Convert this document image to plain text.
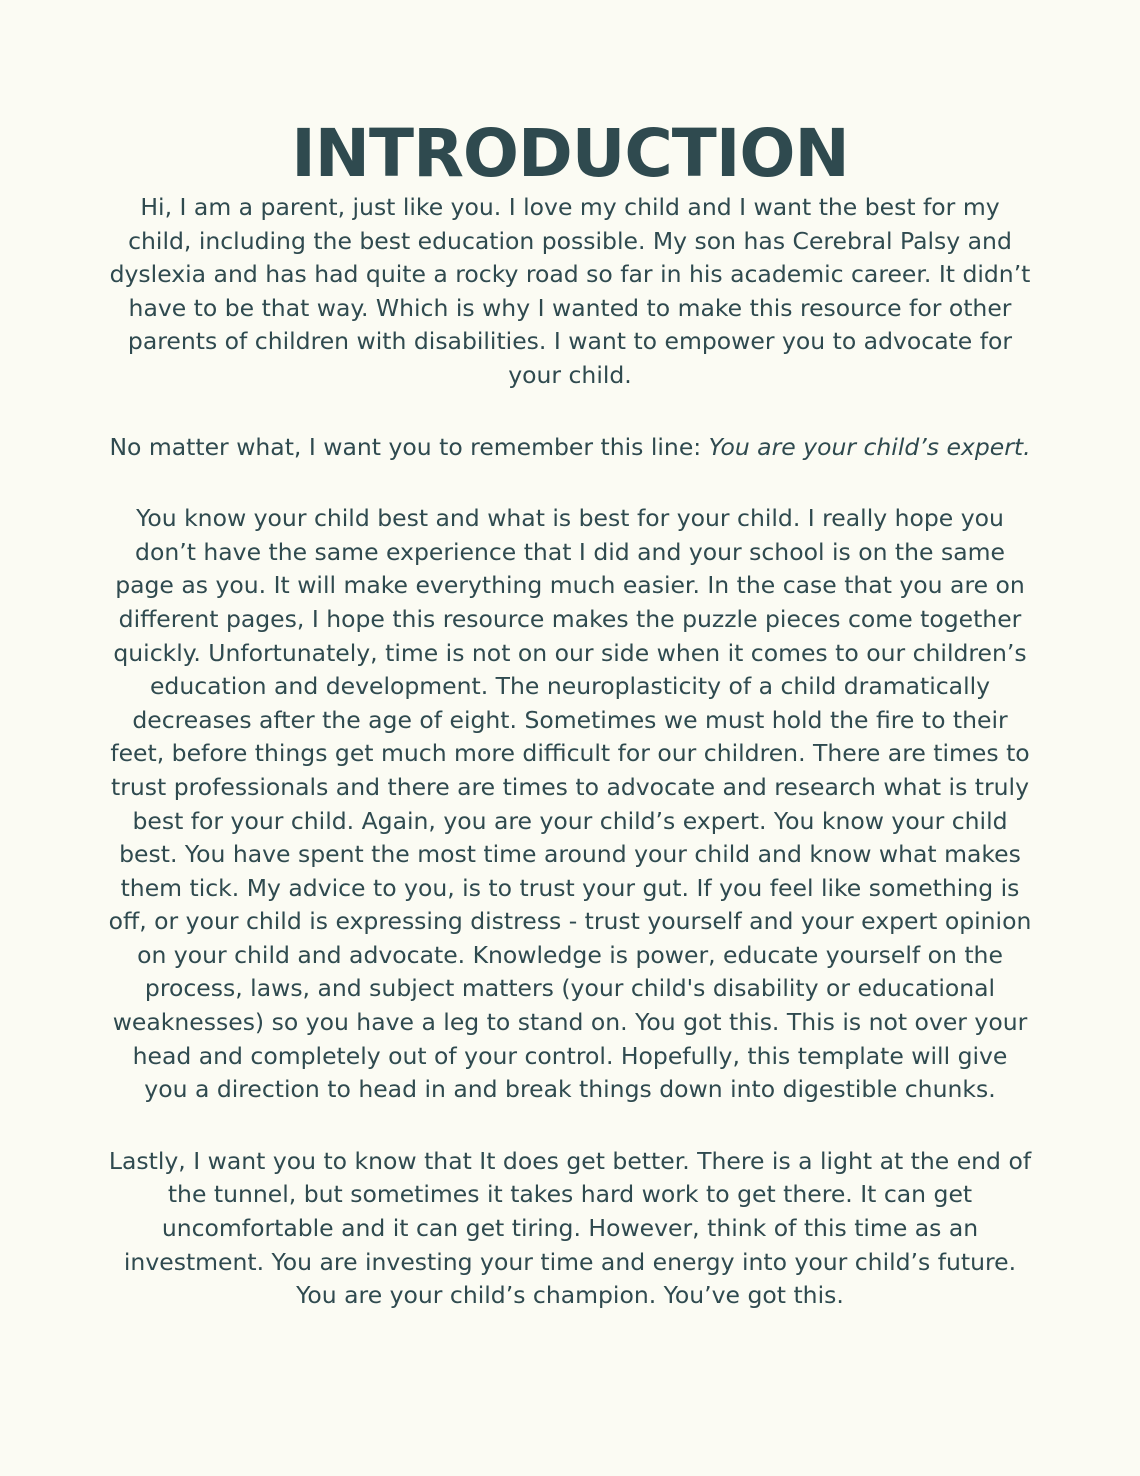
INTRODUCTION

Hi, I am a parent, just like you. I love my child and I want the best for my child, including the best education possible. My son has Cerebral Palsy and dyslexia and has had quite a rocky road so far in his academic career. It didn’t have to be that way. Which is why I wanted to make this resource for other parents of children with disabilities. I want to empower you to advocate for your child.

No matter what, I want you to remember this line: You are your child’s expert.

You know your child best and what is best for your child. I really hope you don’t have the same experience that I did and your school is on the same page as you. It will make everything much easier. In the case that you are on different pages, I hope this resource makes the puzzle pieces come together quickly. Unfortunately, time is not on our side when it comes to our children’s education and development. The neuroplasticity of a child dramatically decreases after the age of eight. Sometimes we must hold the fire to their feet, before things get much more difficult for our children. There are times to trust professionals and there are times to advocate and research what is truly best for your child. Again, you are your child’s expert. You know your child best. You have spent the most time around your child and know what makes them tick. My advice to you, is to trust your gut. If you feel like something is off, or your child is expressing distress - trust yourself and your expert opinion on your child and advocate. Knowledge is power, educate yourself on the process, laws, and subject matters (your child's disability or educational weaknesses) so you have a leg to stand on. You got this. This is not over your head and completely out of your control. Hopefully, this template will give you a direction to head in and break things down into digestible chunks.

Lastly, I want you to know that It does get better. There is a light at the end of the tunnel, but sometimes it takes hard work to get there. It can get uncomfortable and it can get tiring. However, think of this time as an investment. You are investing your time and energy into your child’s future. You are your child’s champion. You’ve got this.
